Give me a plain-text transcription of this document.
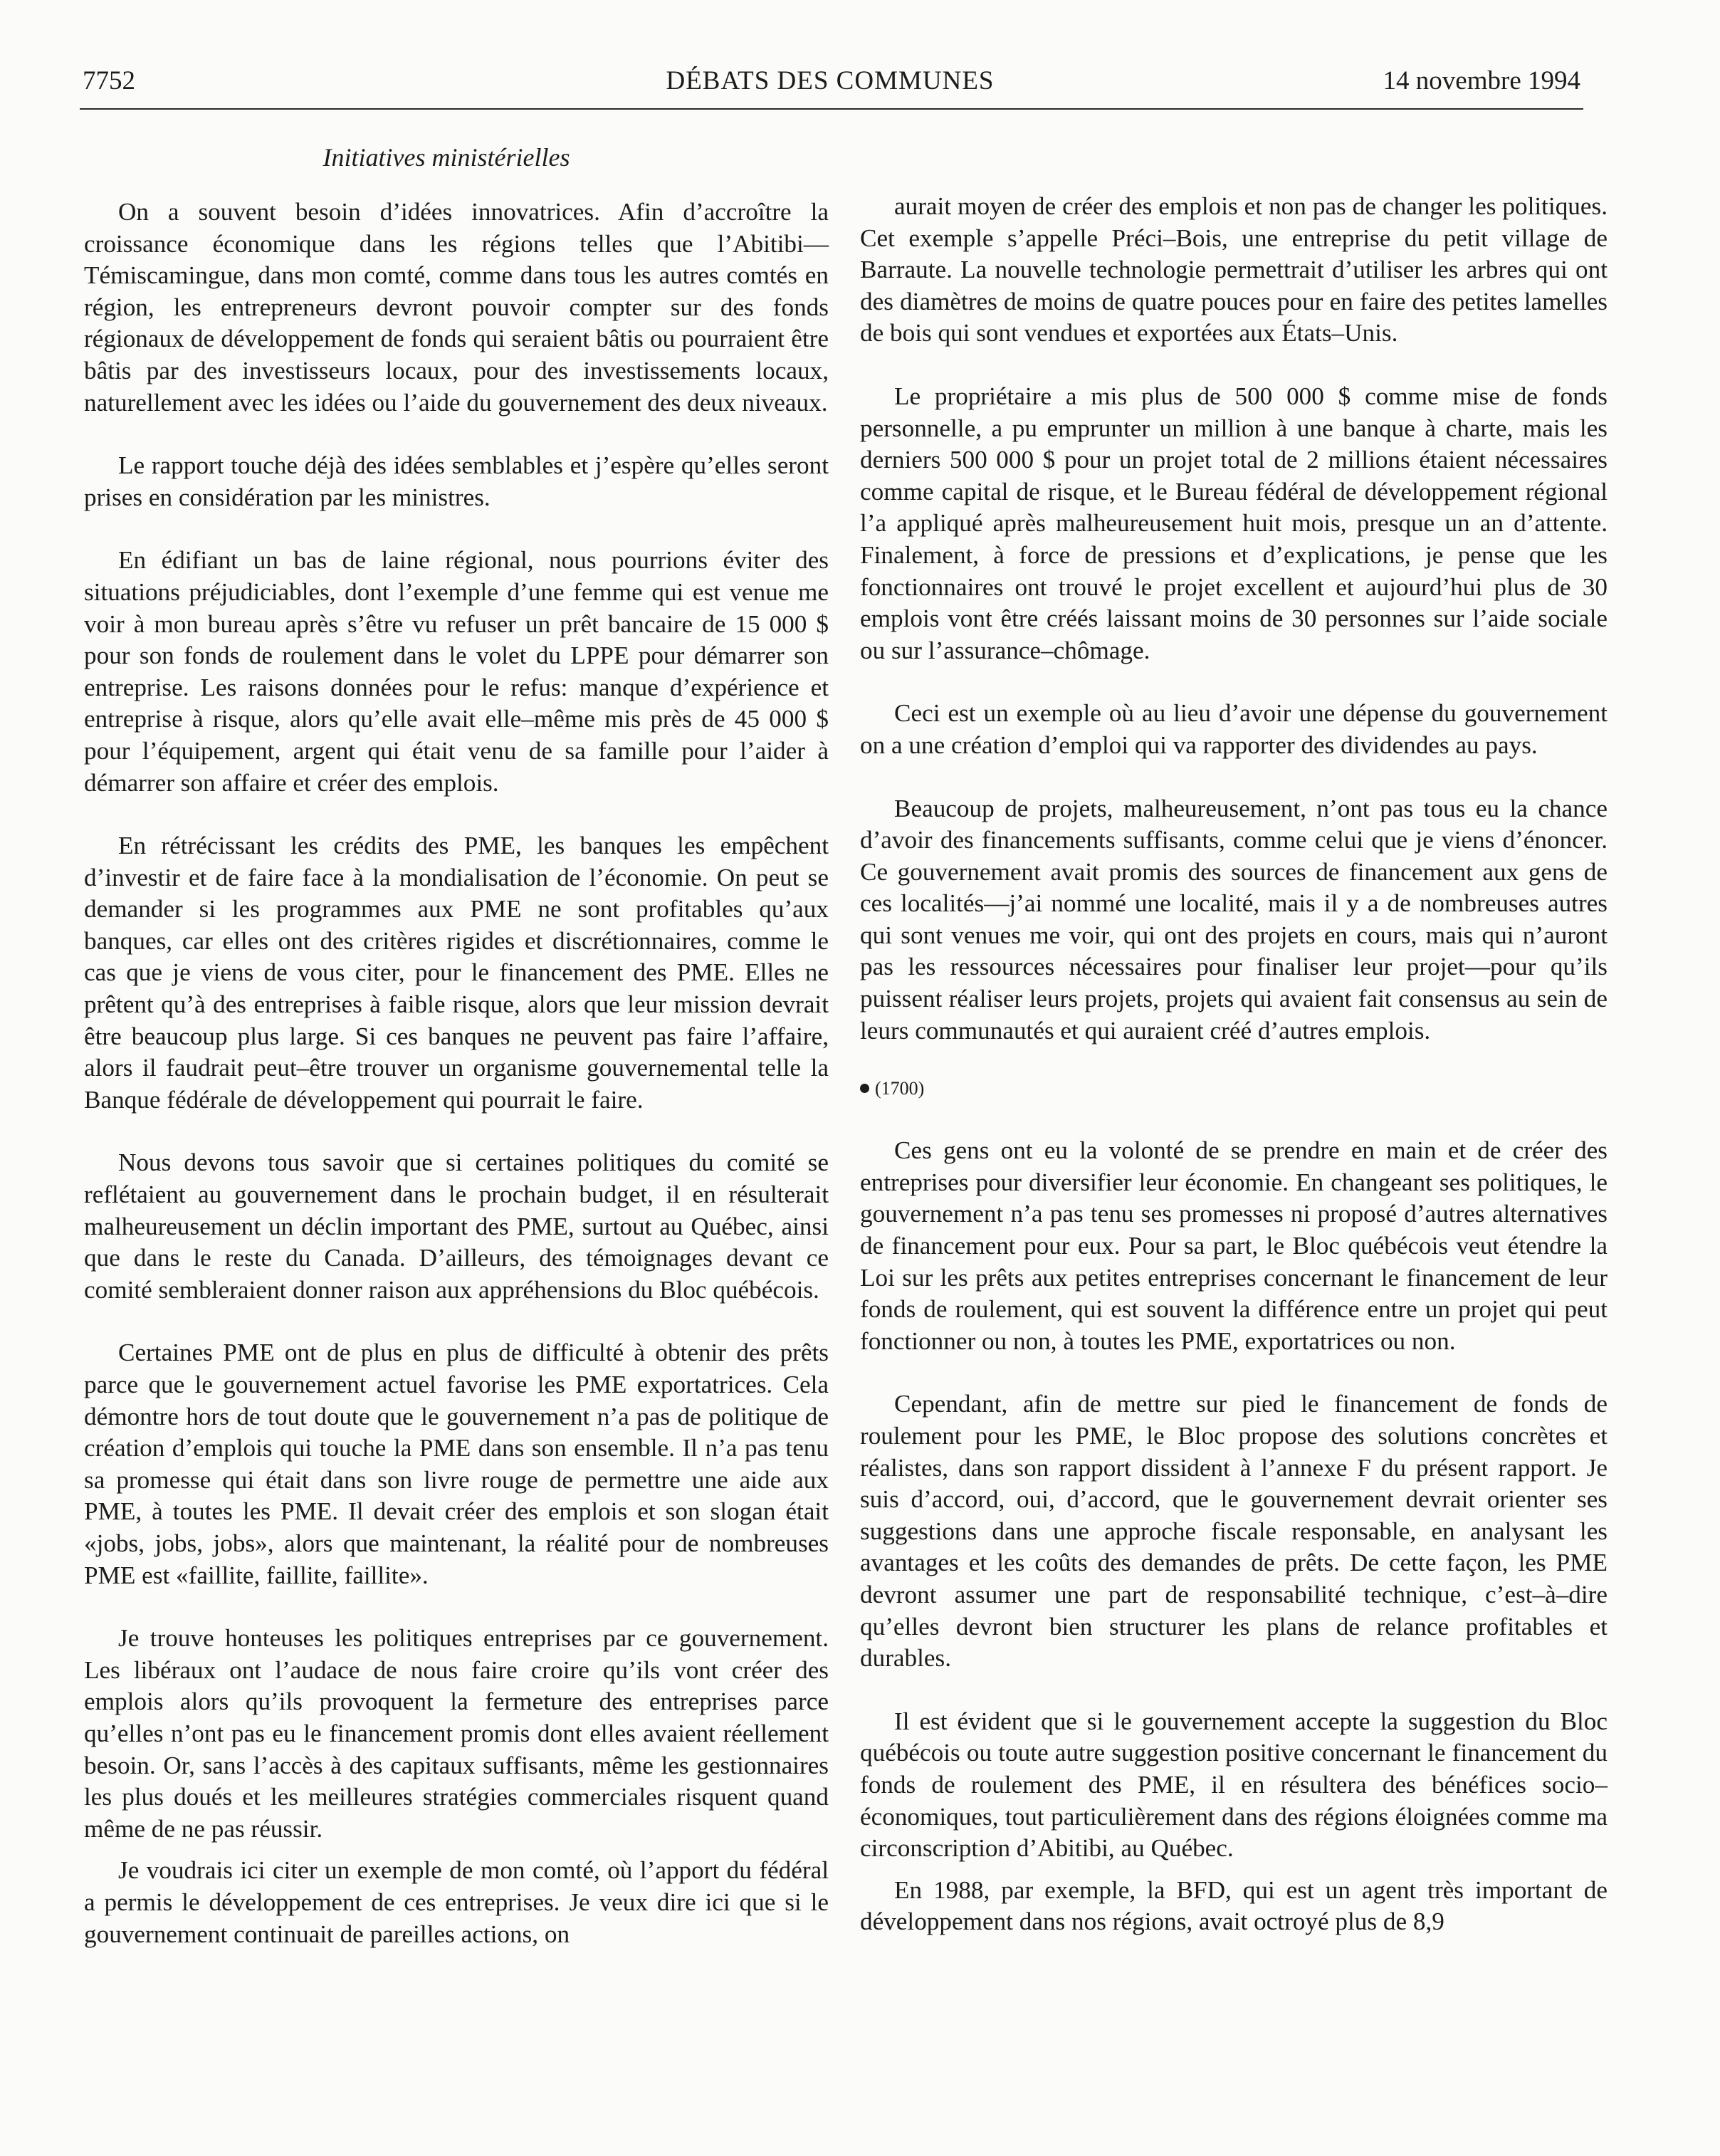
7752	DÉBATS DES COMMUNES	14 novembre 1994
Initiatives ministérielles

On a souvent besoin d’idées innovatrices. Afin d’accroître la croissance économique dans les régions telles que l’Abitibi—Témiscamingue, dans mon comté, comme dans tous les autres comtés en région, les entrepreneurs devront pouvoir compter sur des fonds régionaux de développement de fonds qui seraient bâtis ou pourraient être bâtis par des investisseurs locaux, pour des investissements locaux, naturellement avec les idées ou l’aide du gouvernement des deux niveaux.

Le rapport touche déjà des idées semblables et j’espère qu’elles seront prises en considération par les ministres.

En édifiant un bas de laine régional, nous pourrions éviter des situations préjudiciables, dont l’exemple d’une femme qui est venue me voir à mon bureau après s’être vu refuser un prêt bancaire de 15 000 $ pour son fonds de roulement dans le volet du LPPE pour démarrer son entreprise. Les raisons données pour le refus: manque d’expérience et entreprise à risque, alors qu’elle avait elle–même mis près de 45 000 $ pour l’équipement, argent qui était venu de sa famille pour l’aider à démarrer son affaire et créer des emplois.

En rétrécissant les crédits des PME, les banques les empêchent d’investir et de faire face à la mondialisation de l’économie. On peut se demander si les programmes aux PME ne sont profitables qu’aux banques, car elles ont des critères rigides et discrétionnaires, comme le cas que je viens de vous citer, pour le financement des PME. Elles ne prêtent qu’à des entreprises à faible risque, alors que leur mission devrait être beaucoup plus large. Si ces banques ne peuvent pas faire l’affaire, alors il faudrait peut–être trouver un organisme gouvernemental telle la Banque fédérale de développement qui pourrait le faire.

Nous devons tous savoir que si certaines politiques du comité se reflétaient au gouvernement dans le prochain budget, il en résulterait malheureusement un déclin important des PME, surtout au Québec, ainsi que dans le reste du Canada. D’ailleurs, des témoignages devant ce comité sembleraient donner raison aux appréhensions du Bloc québécois.

Certaines PME ont de plus en plus de difficulté à obtenir des prêts parce que le gouvernement actuel favorise les PME exportatrices. Cela démontre hors de tout doute que le gouvernement n’a pas de politique de création d’emplois qui touche la PME dans son ensemble. Il n’a pas tenu sa promesse qui était dans son livre rouge de permettre une aide aux PME, à toutes les PME. Il devait créer des emplois et son slogan était «jobs, jobs, jobs», alors que maintenant, la réalité pour de nombreuses PME est «faillite, faillite, faillite».

Je trouve honteuses les politiques entreprises par ce gouvernement. Les libéraux ont l’audace de nous faire croire qu’ils vont créer des emplois alors qu’ils provoquent la fermeture des entreprises parce qu’elles n’ont pas eu le financement promis dont elles avaient réellement besoin. Or, sans l’accès à des capitaux suffisants, même les gestionnaires les plus doués et les meilleures stratégies commerciales risquent quand même de ne pas réussir.

Je voudrais ici citer un exemple de mon comté, où l’apport du fédéral a permis le développement de ces entreprises. Je veux dire ici que si le gouvernement continuait de pareilles actions, on

aurait moyen de créer des emplois et non pas de changer les politiques. Cet exemple s’appelle Préci–Bois, une entreprise du petit village de Barraute. La nouvelle technologie permettrait d’utiliser les arbres qui ont des diamètres de moins de quatre pouces pour en faire des petites lamelles de bois qui sont vendues et exportées aux États–Unis.

Le propriétaire a mis plus de 500 000 $ comme mise de fonds personnelle, a pu emprunter un million à une banque à charte, mais les derniers 500 000 $ pour un projet total de 2 millions étaient nécessaires comme capital de risque, et le Bureau fédéral de développement régional l’a appliqué après malheureusement huit mois, presque un an d’attente. Finalement, à force de pressions et d’explications, je pense que les fonctionnaires ont trouvé le projet excellent et aujourd’hui plus de 30 emplois vont être créés laissant moins de 30 personnes sur l’aide sociale ou sur l’assurance–chômage.

Ceci est un exemple où au lieu d’avoir une dépense du gouvernement on a une création d’emploi qui va rapporter des dividendes au pays.

Beaucoup de projets, malheureusement, n’ont pas tous eu la chance d’avoir des financements suffisants, comme celui que je viens d’énoncer. Ce gouvernement avait promis des sources de financement aux gens de ces localités—j’ai nommé une localité, mais il y a de nombreuses autres qui sont venues me voir, qui ont des projets en cours, mais qui n’auront pas les ressources nécessaires pour finaliser leur projet—pour qu’ils puissent réaliser leurs projets, projets qui avaient fait consensus au sein de leurs communautés et qui auraient créé d’autres emplois.

(1700)

Ces gens ont eu la volonté de se prendre en main et de créer des entreprises pour diversifier leur économie. En changeant ses politiques, le gouvernement n’a pas tenu ses promesses ni proposé d’autres alternatives de financement pour eux. Pour sa part, le Bloc québécois veut étendre la Loi sur les prêts aux petites entreprises concernant le financement de leur fonds de roulement, qui est souvent la différence entre un projet qui peut fonctionner ou non, à toutes les PME, exportatrices ou non.

Cependant, afin de mettre sur pied le financement de fonds de roulement pour les PME, le Bloc propose des solutions concrètes et réalistes, dans son rapport dissident à l’annexe F du présent rapport. Je suis d’accord, oui, d’accord, que le gouvernement devrait orienter ses suggestions dans une approche fiscale responsable, en analysant les avantages et les coûts des demandes de prêts. De cette façon, les PME devront assumer une part de responsabilité technique, c’est–à–dire qu’elles devront bien structurer les plans de relance profitables et durables.

Il est évident que si le gouvernement accepte la suggestion du Bloc québécois ou toute autre suggestion positive concernant le financement du fonds de roulement des PME, il en résultera des bénéfices socio–économiques, tout particulièrement dans des régions éloignées comme ma circonscription d’Abitibi, au Québec.

En 1988, par exemple, la BFD, qui est un agent très important de développement dans nos régions, avait octroyé plus de 8,9
